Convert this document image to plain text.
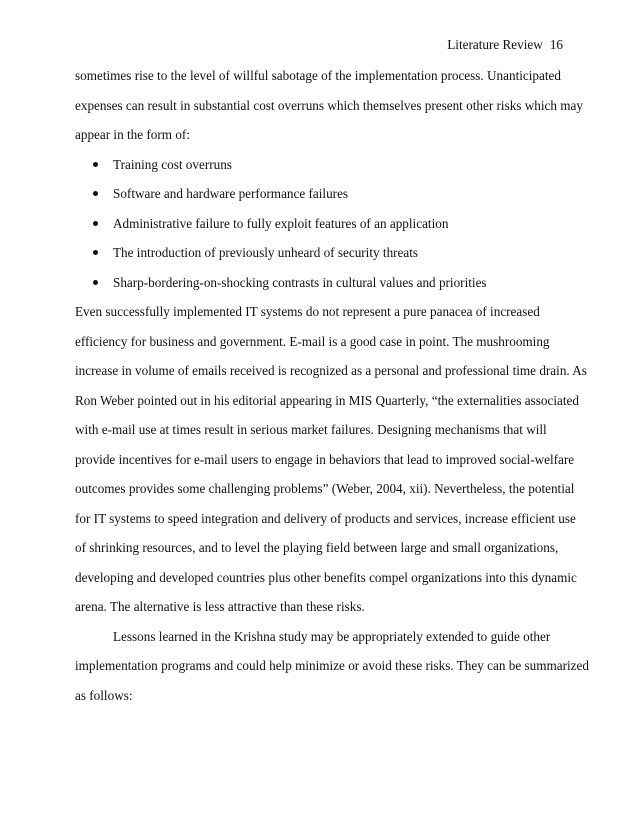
Literature Review 16
sometimes rise to the level of willful sabotage of the implementation process. Unanticipated
expenses can result in substantial cost overruns which themselves present other risks which may
appear in the form of:
Training cost overruns
Software and hardware performance failures
Administrative failure to fully exploit features of an application
The introduction of previously unheard of security threats
Sharp-bordering-on-shocking contrasts in cultural values and priorities
Even successfully implemented IT systems do not represent a pure panacea of increased
efficiency for business and government. E-mail is a good case in point. The mushrooming
increase in volume of emails received is recognized as a personal and professional time drain. As
Ron Weber pointed out in his editorial appearing in MIS Quarterly, “the externalities associated
with e-mail use at times result in serious market failures. Designing mechanisms that will
provide incentives for e-mail users to engage in behaviors that lead to improved social-welfare
outcomes provides some challenging problems” (Weber, 2004, xii). Nevertheless, the potential
for IT systems to speed integration and delivery of products and services, increase efficient use
of shrinking resources, and to level the playing field between large and small organizations,
developing and developed countries plus other benefits compel organizations into this dynamic
arena. The alternative is less attractive than these risks.
Lessons learned in the Krishna study may be appropriately extended to guide other
implementation programs and could help minimize or avoid these risks. They can be summarized
as follows:
